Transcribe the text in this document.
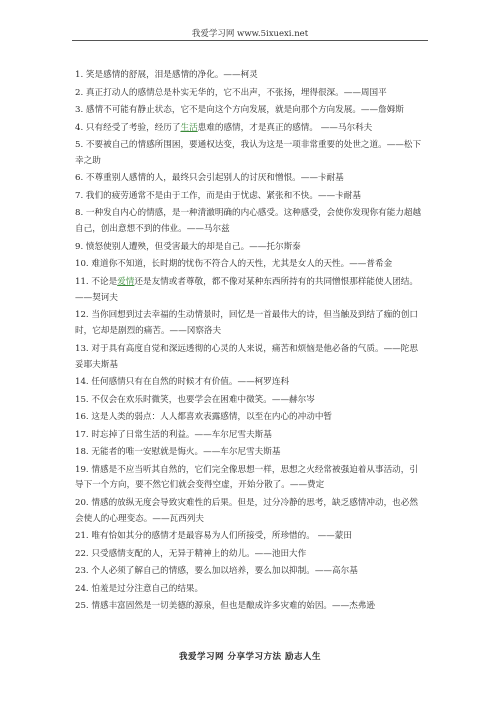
我爱学习网 www.5ixuexi.net
1. 笑是感情的舒展，泪是感情的净化。——柯灵
2. 真正打动人的感情总是朴实无华的，它不出声，不张扬，埋得很深。——周国平
3. 感情不可能有静止状态，它不是向这个方向发展，就是向那个方向发展。——詹姆斯
4. 只有经受了考验，经历了生活患难的感情，才是真正的感情。 ——马尔科夫
5. 不要被自己的情感所围困，要通权达变，我认为这是一项非常重要的处世之道。——松下幸之助
6. 不尊重别人感情的人，最终只会引起别人的讨厌和憎恨。——卡耐基
7. 我们的疲劳通常不是由于工作，而是由于忧虑、紧张和不快。——卡耐基
8. 一种发自内心的情感，是一种清澈明确的内心感受。这种感受，会使你发现你有能力超越自己，创出意想不到的伟业。——马尔兹
9. 愤怒使别人遭殃，但受害最大的却是自己。——托尔斯泰
10. 难道你不知道，长时期的忧伤不符合人的天性，尤其是女人的天性。——普希金
11. 不论是爱情还是友情或者尊敬，都不像对某种东西所持有的共同憎恨那样能使人团结。——契诃夫
12. 当你回想到过去幸福的生动情景时，回忆是一首最伟大的诗，但当触及到结了痂的创口时，它却是剧烈的痛苦。——冈察洛夫
13. 对于具有高度自觉和深远透彻的心灵的人来说，痛苦和烦恼是他必备的气质。——陀思妥耶夫斯基
14. 任何感情只有在自然的时候才有价值。——柯罗连科
15. 不仅会在欢乐时微笑，也要学会在困难中微笑。——赫尔岑
16. 这是人类的弱点：人人都喜欢表露感情，以至在内心的冲动中暂
17. 时忘掉了日常生活的利益。——车尔尼雪夫斯基
18. 无能者的唯一安慰就是悔火。——车尔尼雪夫斯基
19. 情感是不应当听其自然的，它们完全像思想一样，思想之火经常被强迫着从事活动，引导下一个方向，要不然它们就会变得空虚，开始分散了。——费定
20. 情感的放纵无度会导致灾难性的后果。但是，过分冷静的思考，缺乏感情冲动，也必然会使人的心理变态。——瓦西列夫
21. 唯有恰如其分的感情才是最容易为人们所接受，所珍惜的。 ——蒙田
22. 只受感情支配的人，无异于精神上的幼儿。——池田大作
23. 个人必须了解自己的情感，要么加以培养，要么加以抑制。——高尔基
24. 怕羞是过分注意自己的结果。
25. 情感丰富固然是一切美德的源泉，但也是酿成许多灾难的始因。——杰弗逊
我爱学习网 分享学习方法 励志人生
